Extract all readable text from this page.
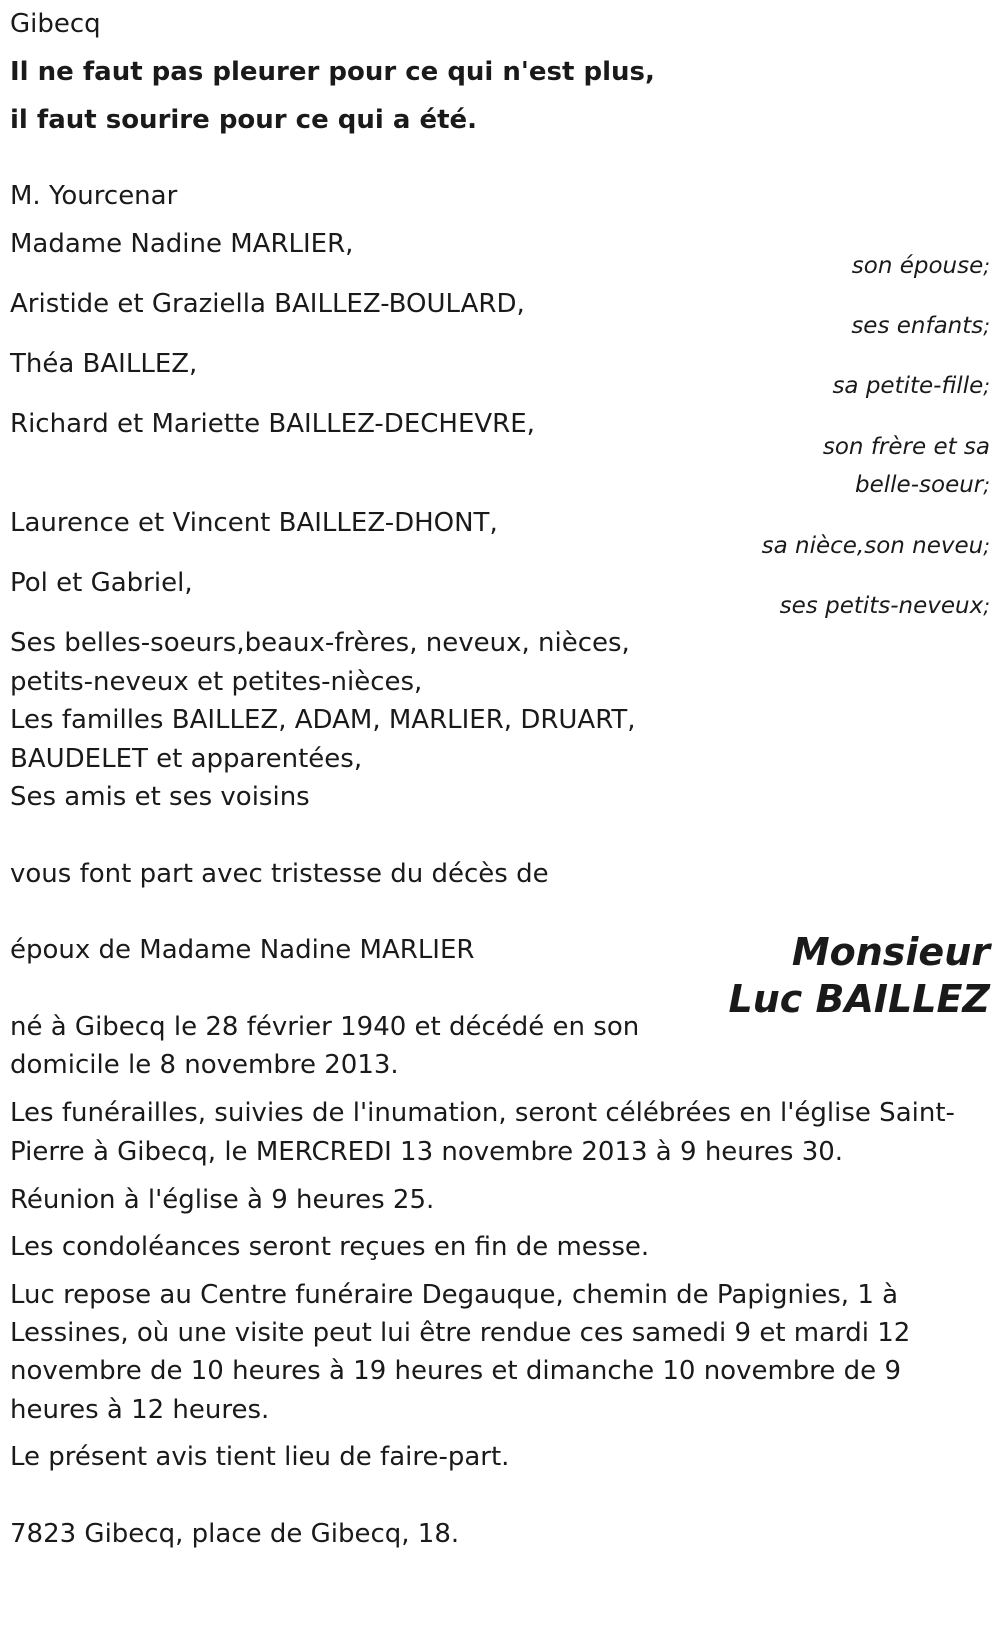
Gibecq
Il ne faut pas pleurer pour ce qui n'est plus,
il faut sourire pour ce qui a été.
M. Yourcenar
Madame Nadine MARLIER,
Aristide et Graziella BAILLEZ-BOULARD,
Théa BAILLEZ,
Richard et Mariette BAILLEZ-DECHEVRE,
Laurence et Vincent BAILLEZ-DHONT,
Pol et Gabriel,
son épouse;
ses enfants;
sa petite-fille;
son frère et sa
belle-soeur;
sa nièce,son neveu;
ses petits-neveux;
Ses belles-soeurs,beaux-frères, neveux, nièces,
petits-neveux et petites-nièces,
Les familles BAILLEZ, ADAM, MARLIER, DRUART,
BAUDELET et apparentées,
Ses amis et ses voisins
vous font part avec tristesse du décès de
Monsieur
Luc BAILLEZ
époux de Madame Nadine MARLIER
né à Gibecq le 28 février 1940 et décédé en son
domicile le 8 novembre 2013.
Les funérailles, suivies de l'inumation, seront célébrées en l'église Saint-
Pierre à Gibecq, le MERCREDI 13 novembre 2013 à 9 heures 30.
Réunion à l'église à 9 heures 25.
Les condoléances seront reçues en fin de messe.
Luc repose au Centre funéraire Degauque, chemin de Papignies, 1 à
Lessines, où une visite peut lui être rendue ces samedi 9 et mardi 12
novembre de 10 heures à 19 heures et dimanche 10 novembre de 9
heures à 12 heures.
Le présent avis tient lieu de faire-part.
7823 Gibecq, place de Gibecq, 18.
